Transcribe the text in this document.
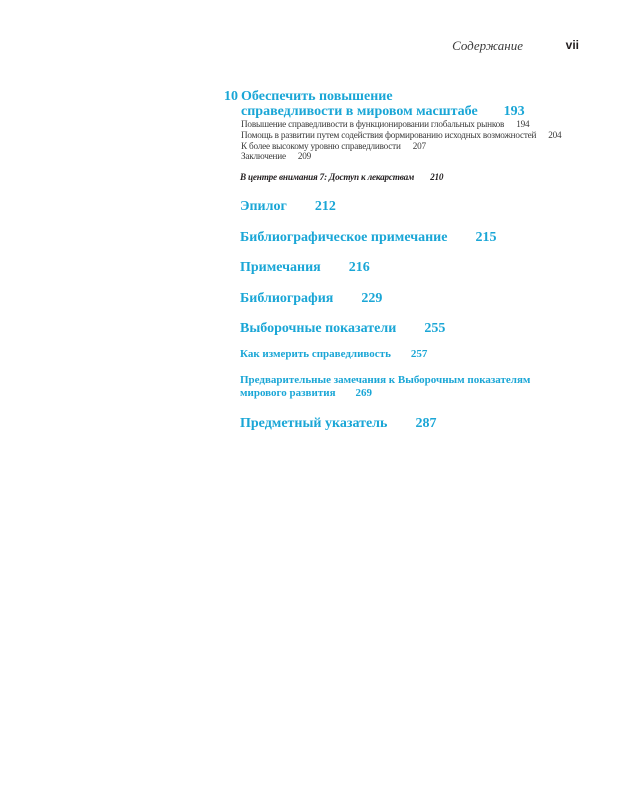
Содержание	vii
10 Обеспечить повышение
справедливости в мировом масштабе 193
Повышение справедливости в функционировании глобальных рынков 194
Помощь в развитии путем содействия формированию исходных возможностей 204
К более высокому уровню справедливости 207
Заключение 209
В центре внимания 7: Доступ к лекарствам 210
Эпилог 212
Библиографическое примечание 215
Примечания 216
Библиография 229
Выборочные показатели 255
Как измерить справедливость 257
Предварительные замечания к Выборочным показателям
мирового развития 269
Предметный указатель 287
